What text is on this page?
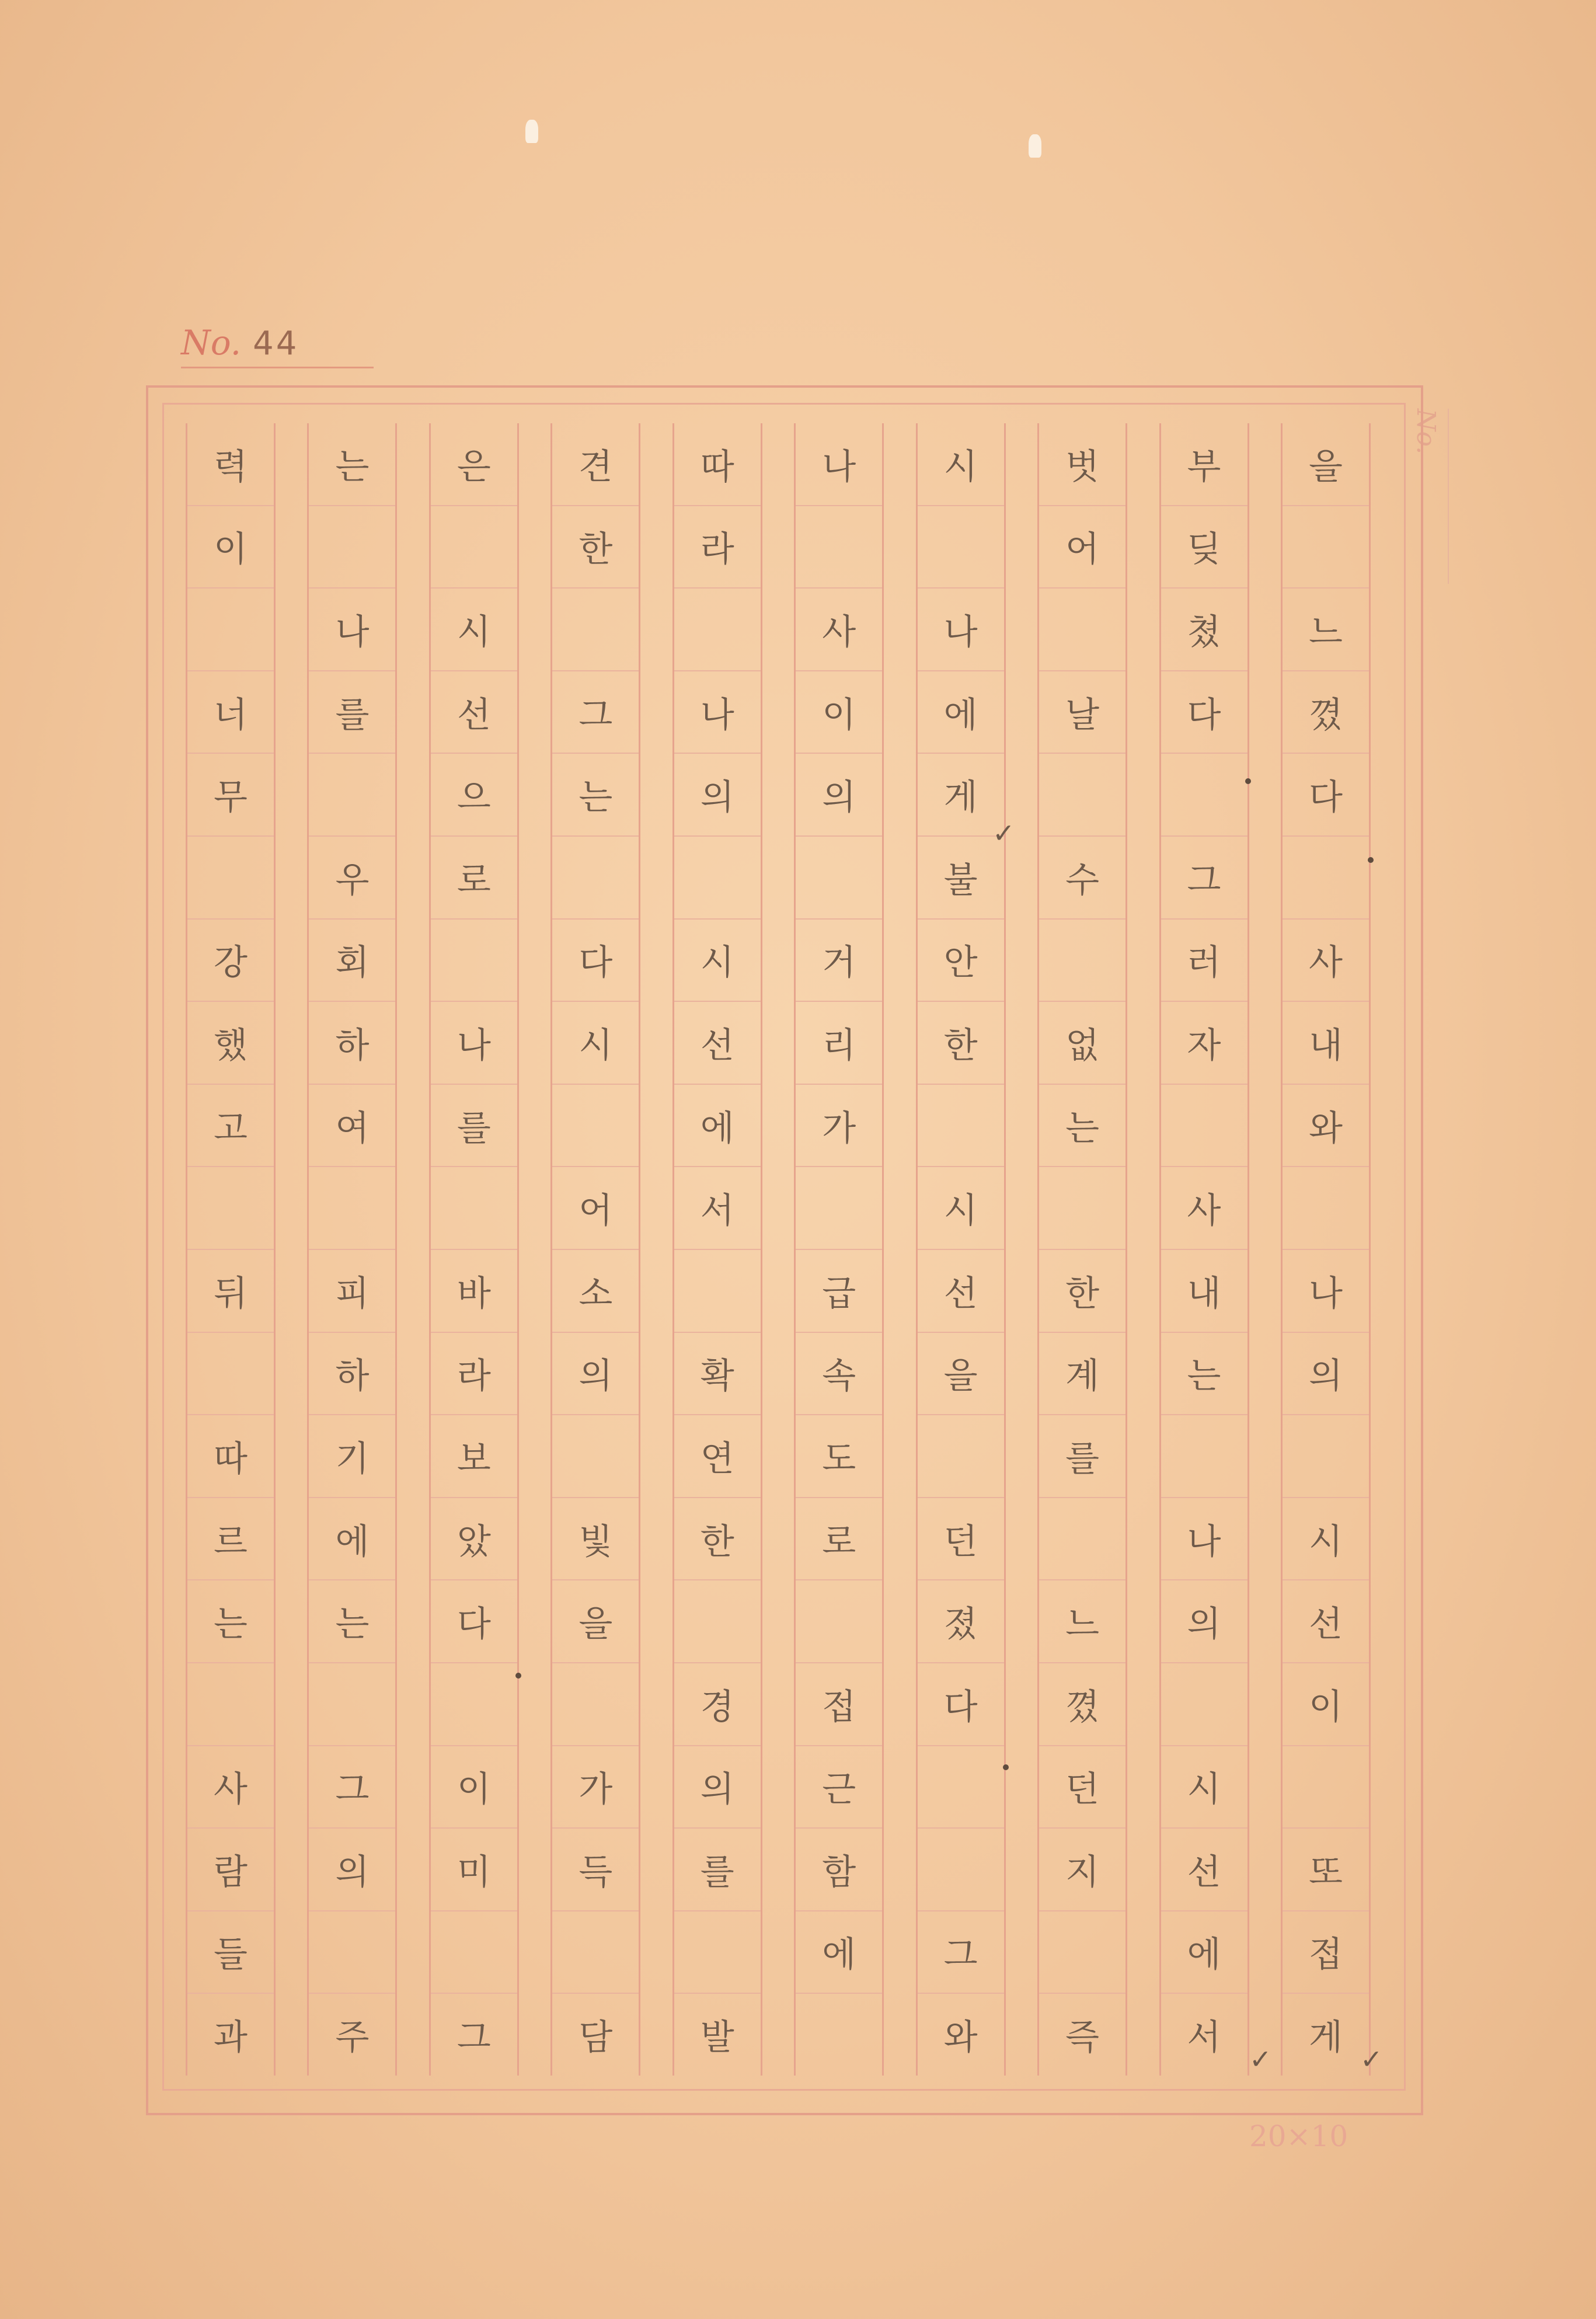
No. 44
No.
을
느
꼈
다
사
내
와
나
의
시
선
이
또
접
게
부
딪
쳤
다
그
러
자
사
내
는
나
의
시
선
에
서
벗
어
날
수
없
는
한
계
를
느
꼈
던
지
즉
시
나
에
게
불
안
한
시
선
을
던
졌
다
그
와
나
사
이
의
거
리
가
급
속
도
로
접
근
함
에
따
라
나
의
시
선
에
서
확
연
한
경
의
를
발
견
한
그
는
다
시
어
소
의
빛
을
가
득
담
은
시
선
으
로
나
를
바
라
보
았
다
이
미
그
는
나
를
우
회
하
여
피
하
기
에
는
그
의
주
력
이
너
무
강
했
고
뒤
따
르
는
사
람
들
과
✓
✓	✓
20×10
